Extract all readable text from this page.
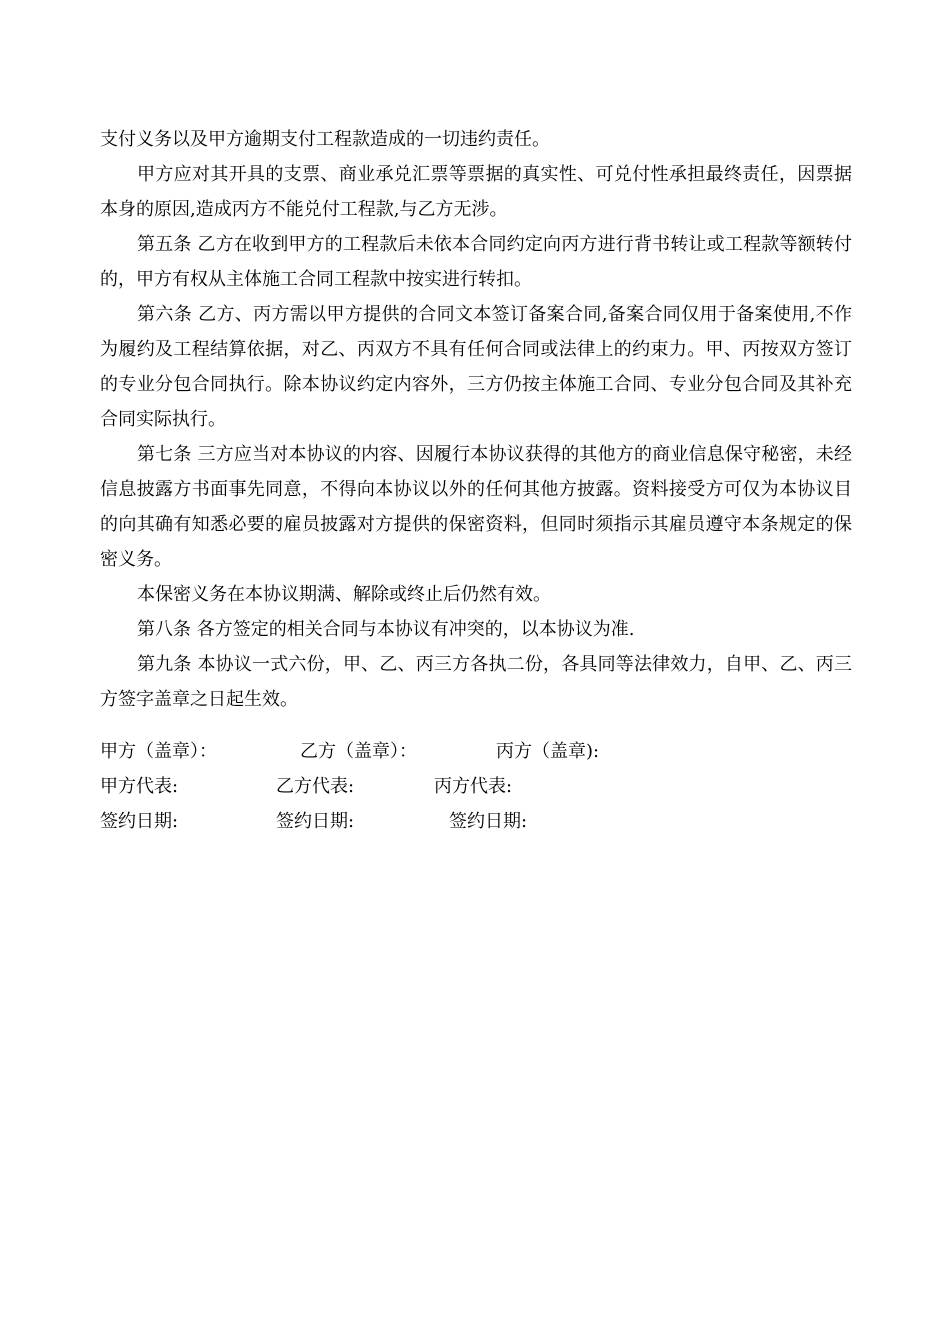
支付义务以及甲方逾期支付工程款造成的一切违约责任。

甲方应对其开具的支票、商业承兑汇票等票据的真实性、可兑付性承担最终责任，因票据本身的原因,造成丙方不能兑付工程款,与乙方无涉。

第五条 乙方在收到甲方的工程款后未依本合同约定向丙方进行背书转让或工程款等额转付的，甲方有权从主体施工合同工程款中按实进行转扣。

第六条 乙方、丙方需以甲方提供的合同文本签订备案合同,备案合同仅用于备案使用,不作为履约及工程结算依据，对乙、丙双方不具有任何合同或法律上的约束力。甲、丙按双方签订的专业分包合同执行。除本协议约定内容外，三方仍按主体施工合同、专业分包合同及其补充合同实际执行。

第七条 三方应当对本协议的内容、因履行本协议获得的其他方的商业信息保守秘密，未经信息披露方书面事先同意，不得向本协议以外的任何其他方披露。资料接受方可仅为本协议目的向其确有知悉必要的雇员披露对方提供的保密资料，但同时须指示其雇员遵守本条规定的保密义务。

本保密义务在本协议期满、解除或终止后仍然有效。

第八条 各方签定的相关合同与本协议有冲突的，以本协议为准.

第九条 本协议一式六份，甲、乙、丙三方各执二份，各具同等法律效力，自甲、乙、丙三方签字盖章之日起生效。

甲方（盖章）：	乙方（盖章）：	丙方（盖章):
甲方代表:	乙方代表:	丙方代表:
签约日期:	签约日期:	签约日期:
